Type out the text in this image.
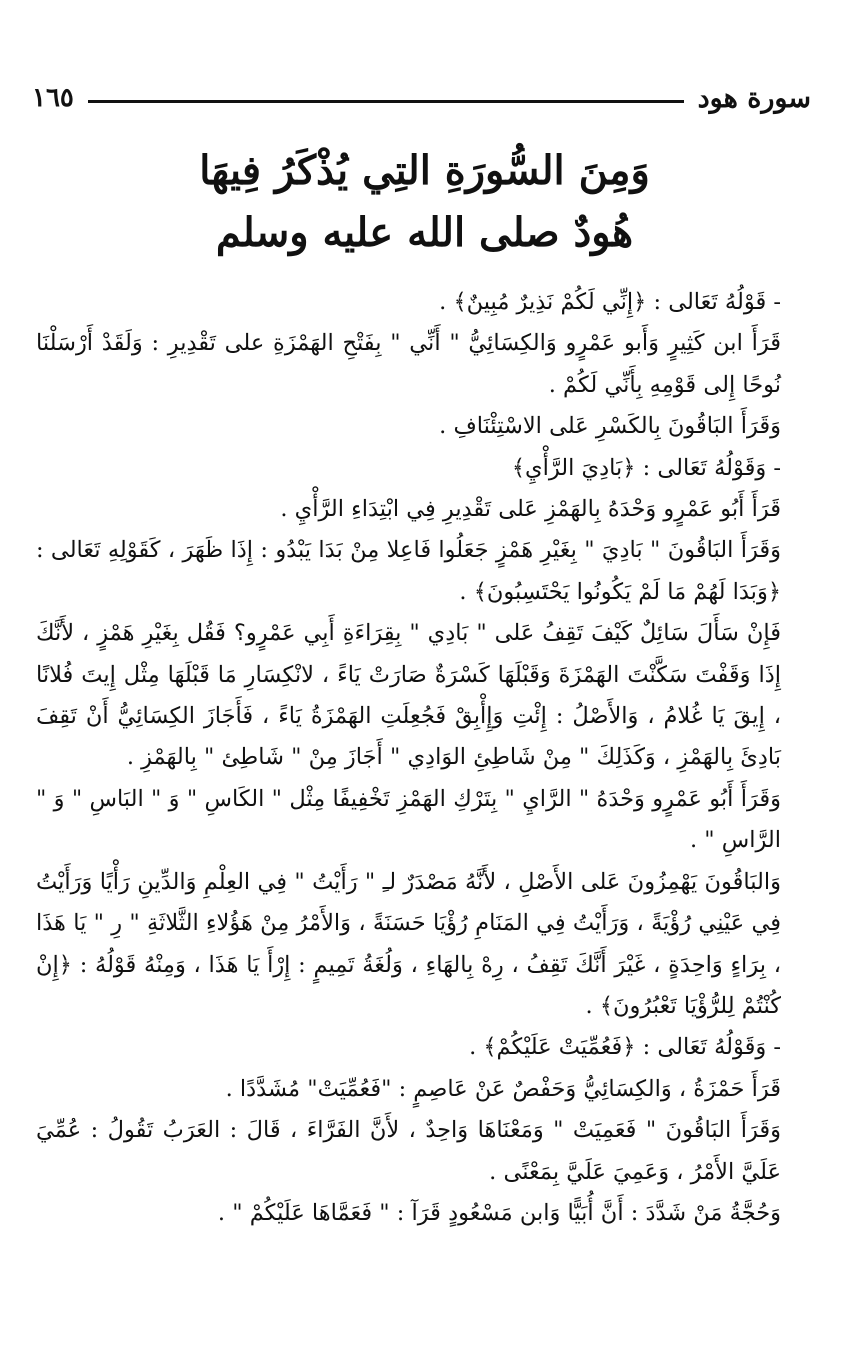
سورة هود
١٦٥

وَمِنَ السُّورَةِ التِي يُذْكَرُ فِيهَا

هُودٌ صلى الله عليه وسلم

- قَوْلُهُ تَعَالى : ﴿إِنِّي لَكُمْ نَذِيرٌ مُبِينٌ﴾ .

قَرَأَ ابن كَثِيرٍ وَأَبو عَمْرٍو وَالكِسَائِيُّ " أَنِّي " بِفَتْحِ الهَمْزَةِ على تَقْدِيرِ : وَلَقَدْ أَرْسَلْنَا نُوحًا إِلى قَوْمِهِ بِأَنِّي لَكُمْ .

وَقَرَأَ البَاقُونَ بِالكَسْرِ عَلى الاسْتِئْنَافِ .

- وَقَوْلُهُ تَعَالى : ﴿بَادِيَ الرَّأْيِ﴾

قَرَأَ أَبُو عَمْرٍو وَحْدَهُ بِالهَمْزِ عَلى تَقْدِيرِ فِي ابْتِدَاءِ الرَّأْيِ .

وَقَرَأَ البَاقُونَ " بَادِيَ " بِغَيْرِ هَمْزٍ جَعَلُوا فَاعِلا مِنْ بَدَا يَبْدُو : إِذَا ظَهَرَ ، كَقَوْلِهِ تَعَالى : ﴿وَبَدَا لَهُمْ مَا لَمْ يَكُونُوا يَحْتَسِبُونَ﴾ .

فَإِنْ سَأَلَ سَائِلٌ كَيْفَ تَقِفُ عَلى " بَادِي " بِقِرَاءَةِ أَبِي عَمْرٍو؟ فَقُل بِغَيْرِ هَمْزٍ ، لأَنَّكَ إِذَا وَقَفْتَ سَكَّنْتَ الهَمْزَةَ وَقَبْلَهَا كَسْرَةٌ صَارَتْ يَاءً ، لانْكِسَارِ مَا قَبْلَهَا مِثْل إِيتَ فُلانًا ، إِيقَ يَا غُلامُ ، وَالأَصْلُ : إِئْتِ وَإِأْبِقْ فَجُعِلَتِ الهَمْزَةُ يَاءً ، فَأَجَازَ الكِسَائِيُّ أَنْ تَقِفَ بَادِئَ بِالهَمْزِ ، وَكَذَلِكَ " مِنْ شَاطِئِ الوَادِي " أَجَازَ مِنْ " شَاطِئ " بِالهَمْزِ .

وَقَرَأَ أَبُو عَمْرٍو وَحْدَهُ " الرَّايِ " بِتَرْكِ الهَمْزِ تَخْفِيفًا مِثْل " الكَاسِ " وَ " البَاسِ " وَ " الرَّاسِ " .

وَالبَاقُونَ يَهْمِزُونَ عَلى الأَصْلِ ، لأَنَّهُ مَصْدَرٌ لـِ " رَأَيْتُ " فِي العِلْمِ وَالدِّينِ رَأْيًا وَرَأَيْتُ فِي عَيْنِي رُؤْيَةً ، وَرَأَيْتُ فِي المَنَامِ رُؤْيَا حَسَنَةً ، وَالأَمْرُ مِنْ هَؤُلاءِ الثَّلاثَةِ " رِ " يَا هَذَا ، بِرَاءٍ وَاحِدَةٍ ، غَيْرَ أَنَّكَ تَقِفُ ، رِهْ بِالهَاءِ ، وَلُغَةُ تَمِيمٍ : إِرْأَ يَا هَذَا ، وَمِنْهُ قَوْلُهُ : ﴿إِنْ كُنْتُمْ لِلرُّؤْيَا تَعْبُرُونَ﴾ .

- وَقَوْلُهُ تَعَالى : ﴿فَعُمِّيَتْ عَلَيْكُمْ﴾ .

قَرَأَ حَمْزَةُ ، وَالكِسَائِيُّ وَحَفْصٌ عَنْ عَاصِمٍ : "فَعُمِّيَتْ" مُشَدَّدًا .

وَقَرَأَ البَاقُونَ " فَعَمِيَتْ " وَمَعْنَاهَا وَاحِدٌ ، لأَنَّ الفَرَّاءَ ، قَالَ : العَرَبُ تَقُولُ : عُمِّيَ عَلَيَّ الأَمْرُ ، وَعَمِيَ عَلَيَّ بِمَعْنًى .

وَحُجَّةُ مَنْ شَدَّدَ : أَنَّ أُبَيًّا وَابن مَسْعُودٍ قَرَآ : " فَعَمَّاهَا عَلَيْكُمْ " .
